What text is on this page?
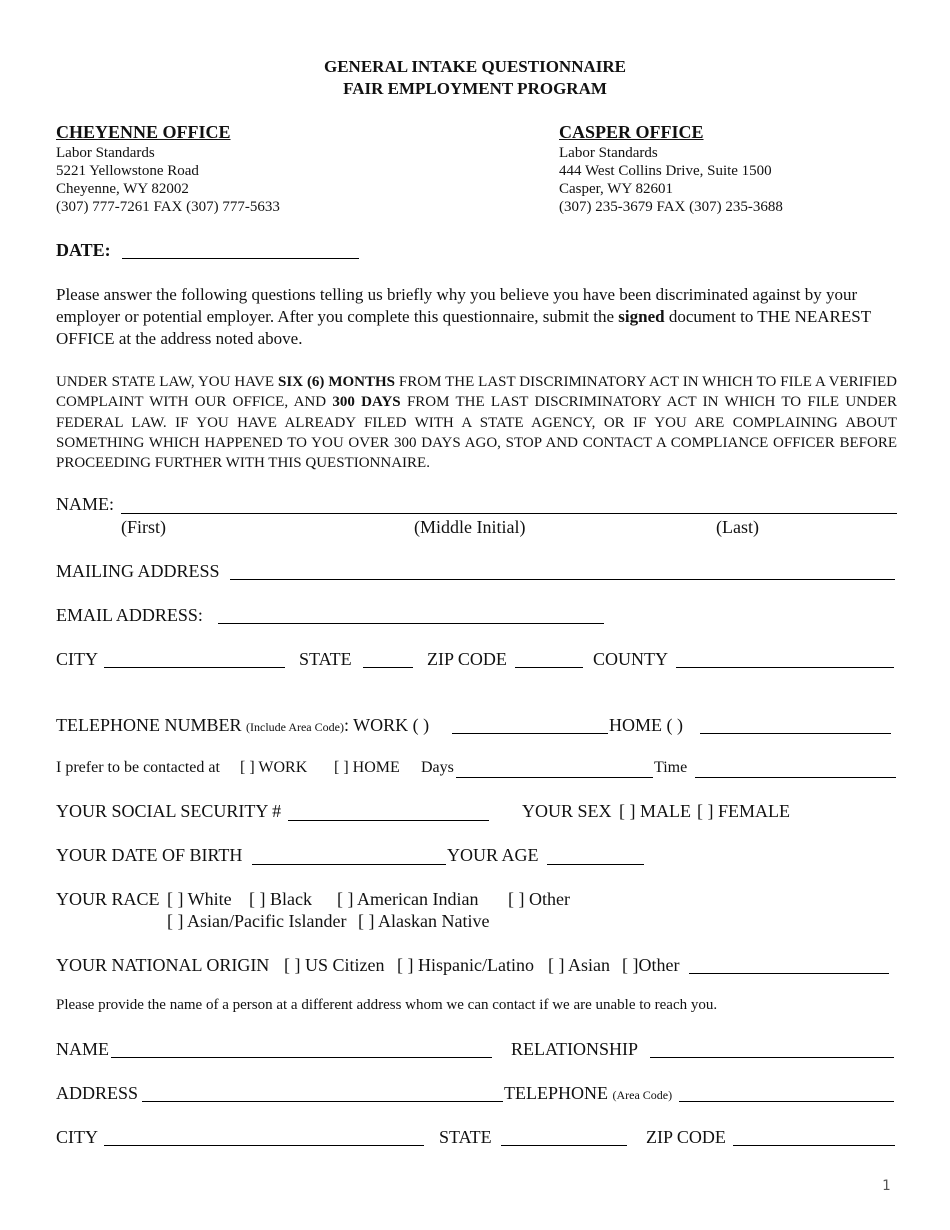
GENERAL INTAKE QUESTIONNAIRE
FAIR EMPLOYMENT PROGRAM
CHEYENNE OFFICE
Labor Standards
5221 Yellowstone Road
Cheyenne, WY 82002
(307) 777-7261 FAX (307) 777-5633
CASPER OFFICE
Labor Standards
444 West Collins Drive, Suite 1500
Casper, WY 82601
(307) 235-3679 FAX (307) 235-3688
DATE:
Please answer the following questions telling us briefly why you believe you have been discriminated against by your employer or potential employer. After you complete this questionnaire, submit the signed document to THE NEAREST OFFICE at the address noted above.
UNDER STATE LAW, YOU HAVE SIX (6) MONTHS FROM THE LAST DISCRIMINATORY ACT IN WHICH TO FILE A VERIFIED COMPLAINT WITH OUR OFFICE, AND 300 DAYS FROM THE LAST DISCRIMINATORY ACT IN WHICH TO FILE UNDER FEDERAL LAW. IF YOU HAVE ALREADY FILED WITH A STATE AGENCY, OR IF YOU ARE COMPLAINING ABOUT SOMETHING WHICH HAPPENED TO YOU OVER 300 DAYS AGO, STOP AND CONTACT A COMPLIANCE OFFICER BEFORE PROCEEDING FURTHER WITH THIS QUESTIONNAIRE.
NAME:
(First)	(Middle Initial)	(Last)
MAILING ADDRESS
EMAIL ADDRESS:
CITY	STATE	ZIP CODE	COUNTY
TELEPHONE NUMBER (Include Area Code): WORK ( )	HOME ( )
I prefer to be contacted at [ ] WORK [ ] HOME Days	Time
YOUR SOCIAL SECURITY #	YOUR SEX [ ] MALE [ ] FEMALE
YOUR DATE OF BIRTH	YOUR AGE
YOUR RACE [ ] White [ ] Black [ ] American Indian [ ] Other
[ ] Asian/Pacific Islander [ ] Alaskan Native
YOUR NATIONAL ORIGIN [ ] US Citizen [ ] Hispanic/Latino [ ] Asian [ ]Other
Please provide the name of a person at a different address whom we can contact if we are unable to reach you.
NAME	RELATIONSHIP
ADDRESS	TELEPHONE (Area Code)
CITY	STATE	ZIP CODE
1
